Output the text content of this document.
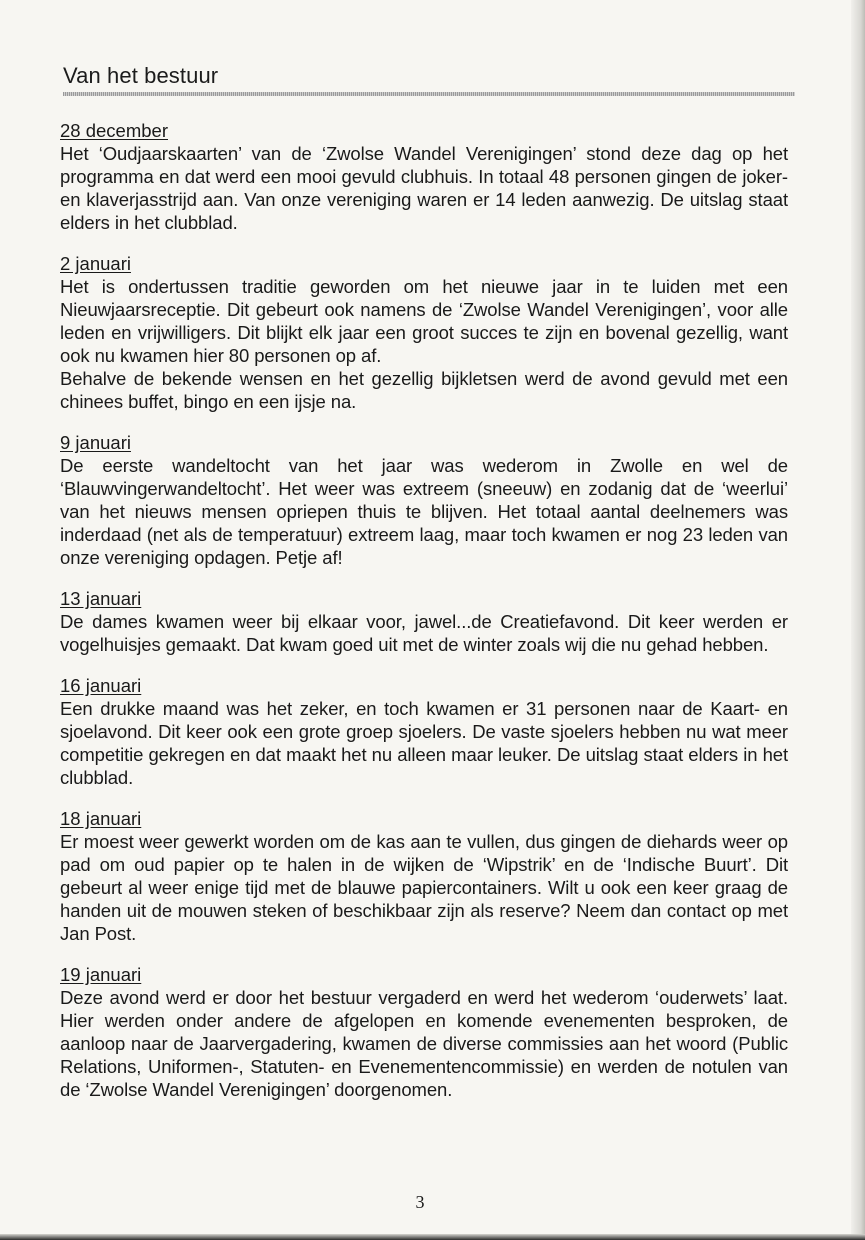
Van het bestuur
28 december
Het ‘Oudjaarskaarten’ van de ‘Zwolse Wandel Verenigingen’ stond deze dag op het programma en dat werd een mooi gevuld clubhuis. In totaal 48 personen gingen de joker- en klaverjasstrijd aan. Van onze vereniging waren er 14 leden aanwezig. De uitslag staat elders in het clubblad.
2 januari
Het is ondertussen traditie geworden om het nieuwe jaar in te luiden met een Nieuwjaarsreceptie. Dit gebeurt ook namens de ‘Zwolse Wandel Verenigingen’, voor alle leden en vrijwilligers. Dit blijkt elk jaar een groot succes te zijn en bovenal gezellig, want ook nu kwamen hier 80 personen op af.
Behalve de bekende wensen en het gezellig bijkletsen werd de avond gevuld met een chinees buffet, bingo en een ijsje na.
9 januari
De eerste wandeltocht van het jaar was wederom in Zwolle en wel de ‘Blauwvingerwandeltocht’. Het weer was extreem (sneeuw) en zodanig dat de ‘weerlui’ van het nieuws mensen opriepen thuis te blijven. Het totaal aantal deelnemers was inderdaad (net als de temperatuur) extreem laag, maar toch kwamen er nog 23 leden van onze vereniging opdagen. Petje af!
13 januari
De dames kwamen weer bij elkaar voor, jawel...de Creatiefavond. Dit keer werden er vogelhuisjes gemaakt. Dat kwam goed uit met de winter zoals wij die nu gehad hebben.
16 januari
Een drukke maand was het zeker, en toch kwamen er 31 personen naar de Kaart- en sjoelavond. Dit keer ook een grote groep sjoelers. De vaste sjoelers hebben nu wat meer competitie gekregen en dat maakt het nu alleen maar leuker. De uitslag staat elders in het clubblad.
18 januari
Er moest weer gewerkt worden om de kas aan te vullen, dus gingen de diehards weer op pad om oud papier op te halen in de wijken de ‘Wipstrik’ en de ‘Indische Buurt’. Dit gebeurt al weer enige tijd met de blauwe papiercontainers. Wilt u ook een keer graag de handen uit de mouwen steken of beschikbaar zijn als reserve? Neem dan contact op met Jan Post.
19 januari
Deze avond werd er door het bestuur vergaderd en werd het wederom ‘ouderwets’ laat. Hier werden onder andere de afgelopen en komende evenementen besproken, de aanloop naar de Jaarvergadering, kwamen de diverse commissies aan het woord (Public Relations, Uniformen-, Statuten- en Evenementencommissie) en werden de notulen van de ‘Zwolse Wandel Verenigingen’ doorgenomen.
3
